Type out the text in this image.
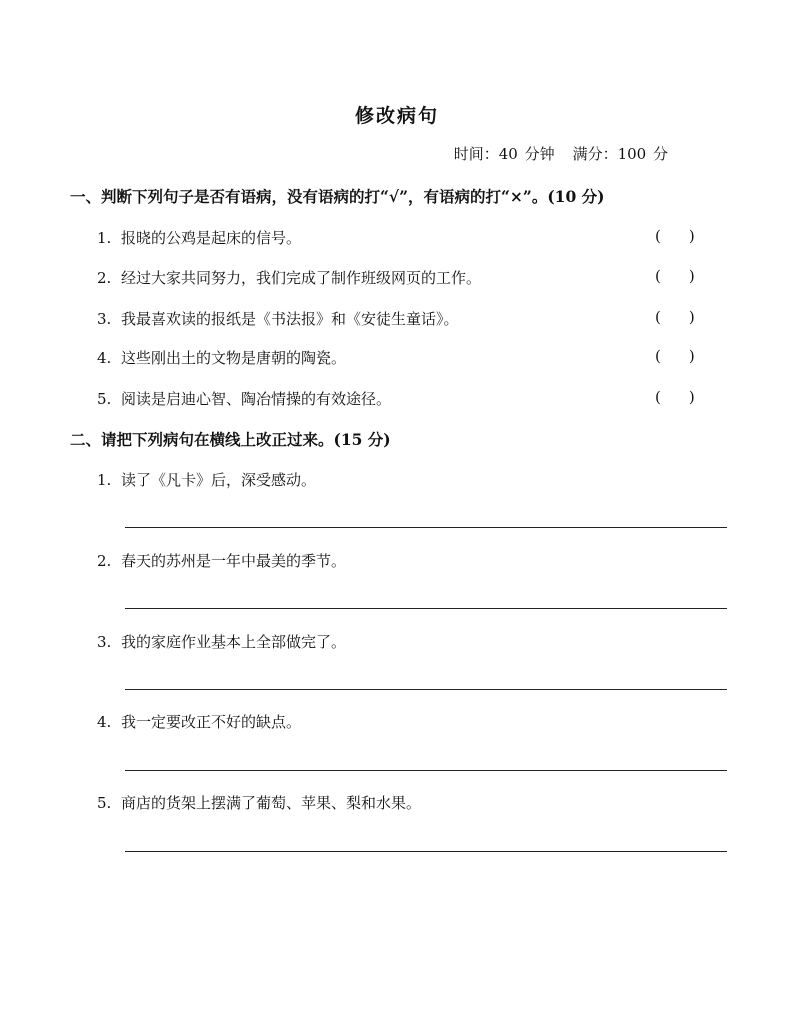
修改病句
时间：40 分钟 满分：100 分
一、判断下列句子是否有语病，没有语病的打“√”，有语病的打“×”。(10 分)
1. 报晓的公鸡是起床的信号。	( )
2. 经过大家共同努力，我们完成了制作班级网页的工作。	( )
3. 我最喜欢读的报纸是《书法报》和《安徒生童话》。	( )
4. 这些刚出土的文物是唐朝的陶瓷。	( )
5. 阅读是启迪心智、陶冶情操的有效途径。	( )
二、请把下列病句在横线上改正过来。(15 分)
1. 读了《凡卡》后，深受感动。
2. 春天的苏州是一年中最美的季节。
3. 我的家庭作业基本上全部做完了。
4. 我一定要改正不好的缺点。
5. 商店的货架上摆满了葡萄、苹果、梨和水果。
